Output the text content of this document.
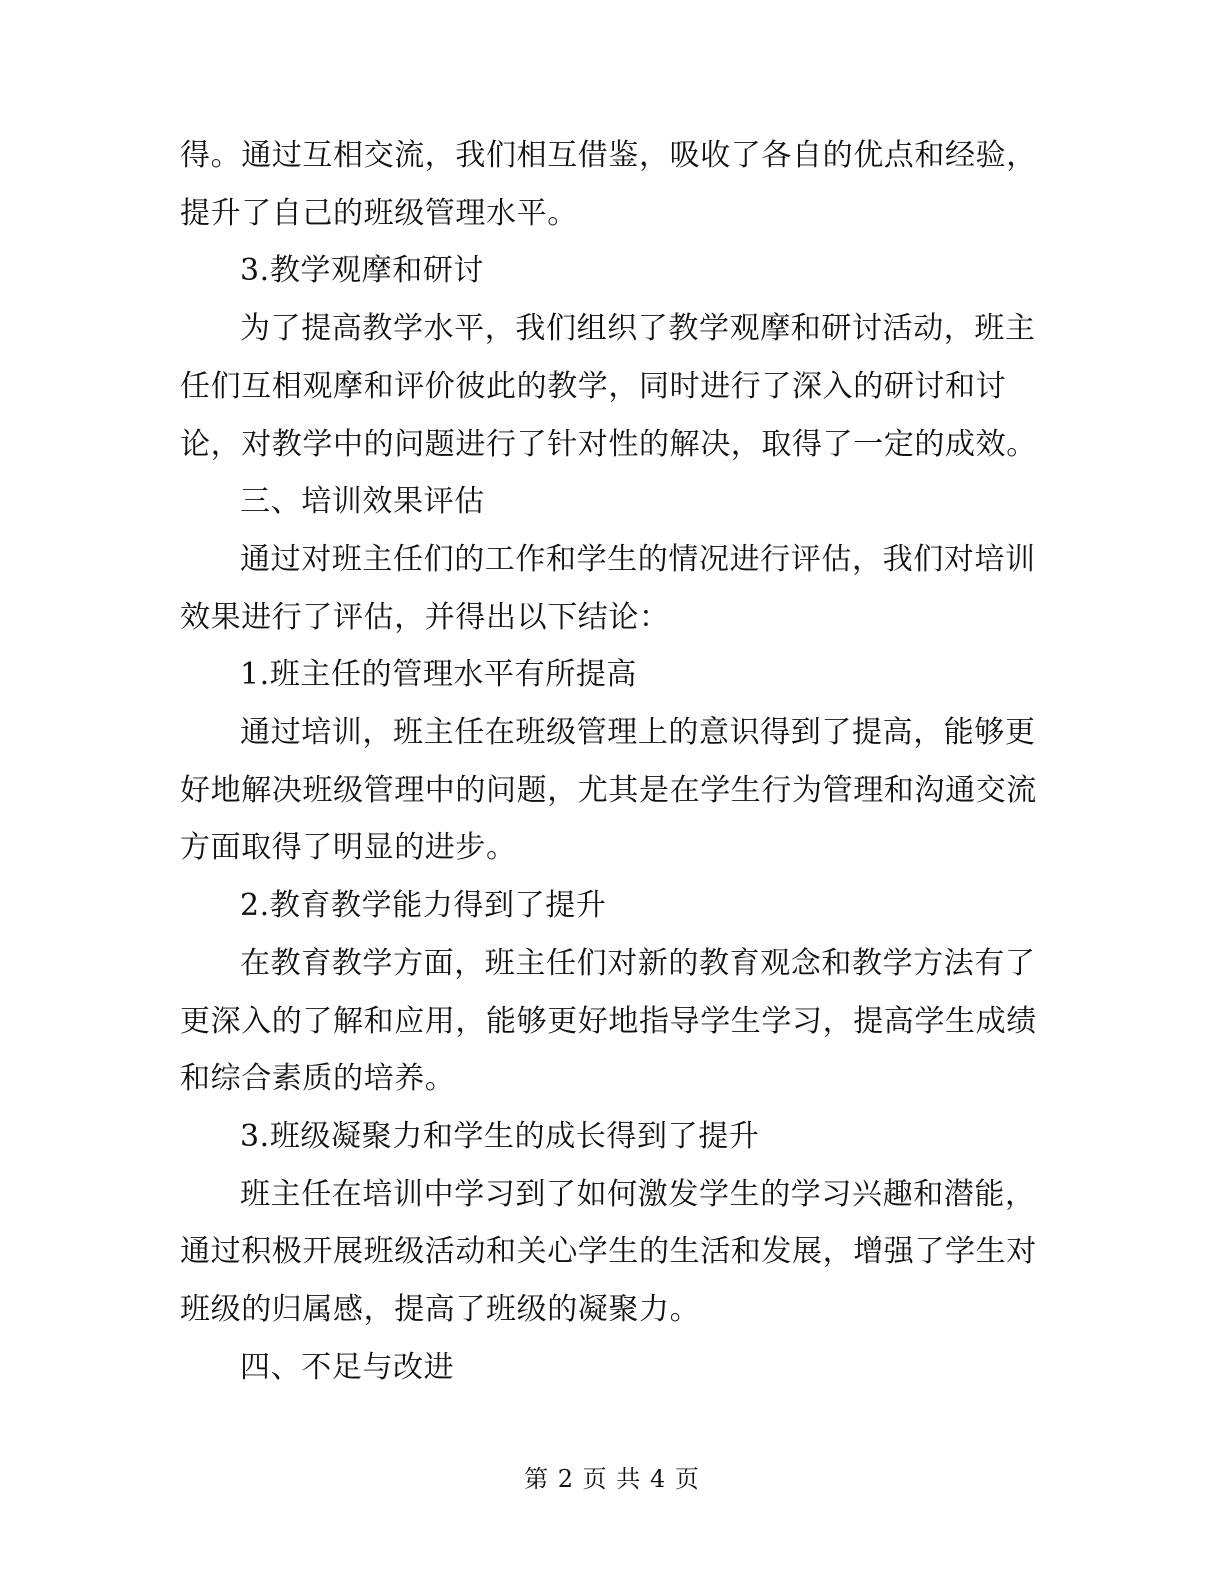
得。通过互相交流，我们相互借鉴，吸收了各自的优点和经验，
提升了自己的班级管理水平。
3.教学观摩和研讨
为了提高教学水平，我们组织了教学观摩和研讨活动，班主
任们互相观摩和评价彼此的教学，同时进行了深入的研讨和讨
论，对教学中的问题进行了针对性的解决，取得了一定的成效。
三、培训效果评估
通过对班主任们的工作和学生的情况进行评估，我们对培训
效果进行了评估，并得出以下结论：
1.班主任的管理水平有所提高
通过培训，班主任在班级管理上的意识得到了提高，能够更
好地解决班级管理中的问题，尤其是在学生行为管理和沟通交流
方面取得了明显的进步。
2.教育教学能力得到了提升
在教育教学方面，班主任们对新的教育观念和教学方法有了
更深入的了解和应用，能够更好地指导学生学习，提高学生成绩
和综合素质的培养。
3.班级凝聚力和学生的成长得到了提升
班主任在培训中学习到了如何激发学生的学习兴趣和潜能，
通过积极开展班级活动和关心学生的生活和发展，增强了学生对
班级的归属感，提高了班级的凝聚力。
四、不足与改进
第 2 页 共 4 页
